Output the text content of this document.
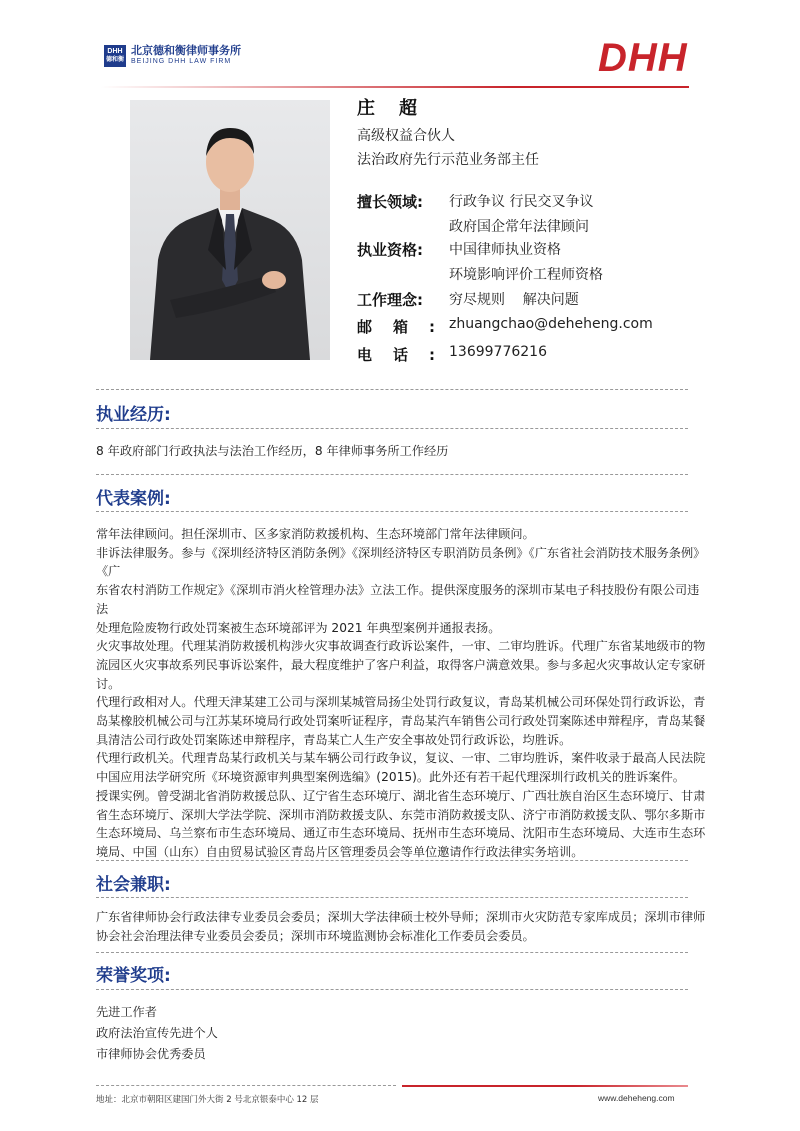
DHH
德和衡
北京德和衡律师事务所
BEIJING DHH LAW FIRM	DHH
庄超
高级权益合伙人
法治政府先行示范业务部主任
擅长领域: 行政争议 行民交叉争议
政府国企常年法律顾问
执业资格: 中国律师执业资格
环境影响评价工程师资格
工作理念: 穷尽规则    解决问题
邮箱:
zhuangchao@deheheng.com
电话:
13699776216
执业经历:
8 年政府部门行政执法与法治工作经历，8 年律师事务所工作经历
代表案例:

常年法律顾问。担任深圳市、区多家消防救援机构、生态环境部门常年法律顾问。

非诉法律服务。参与《深圳经济特区消防条例》《深圳经济特区专职消防员条例》《广东省社会消防技术服务条例》《广

东省农村消防工作规定》《深圳市消火栓管理办法》立法工作。提供深度服务的深圳市某电子科技股份有限公司违法

处理危险废物行政处罚案被生态环境部评为 2021 年典型案例并通报表扬。

火灾事故处理。代理某消防救援机构涉火灾事故调查行政诉讼案件，一审、二审均胜诉。代理广东省某地级市的物

流园区火灾事故系列民事诉讼案件，最大程度维护了客户利益，取得客户满意效果。参与多起火灾事故认定专家研

讨。

代理行政相对人。代理天津某建工公司与深圳某城管局扬尘处罚行政复议，青岛某机械公司环保处罚行政诉讼，青

岛某橡胶机械公司与江苏某环境局行政处罚案听证程序，青岛某汽车销售公司行政处罚案陈述申辩程序，青岛某餐

具清洁公司行政处罚案陈述申辩程序，青岛某亡人生产安全事故处罚行政诉讼，均胜诉。

代理行政机关。代理青岛某行政机关与某车辆公司行政争议，复议、一审、二审均胜诉，案件收录于最高人民法院

中国应用法学研究所《环境资源审判典型案例选编》(2015)。此外还有若干起代理深圳行政机关的胜诉案件。

授课实例。曾受湖北省消防救援总队、辽宁省生态环境厅、湖北省生态环境厅、广西壮族自治区生态环境厅、甘肃

省生态环境厅、深圳大学法学院、深圳市消防救援支队、东莞市消防救援支队、济宁市消防救援支队、鄂尔多斯市

生态环境局、乌兰察布市生态环境局、通辽市生态环境局、抚州市生态环境局、沈阳市生态环境局、大连市生态环

境局、中国（山东）自由贸易试验区青岛片区管理委员会等单位邀请作行政法律实务培训。

社会兼职:

广东省律师协会行政法律专业委员会委员；深圳大学法律硕士校外导师；深圳市火灾防范专家库成员；深圳市律师

协会社会治理法律专业委员会委员；深圳市环境监测协会标准化工作委员会委员。

荣誉奖项:

先进工作者

政府法治宣传先进个人

市律师协会优秀委员

地址：北京市朝阳区建国门外大街 2 号北京银泰中心 12 层	www.deheheng.com
